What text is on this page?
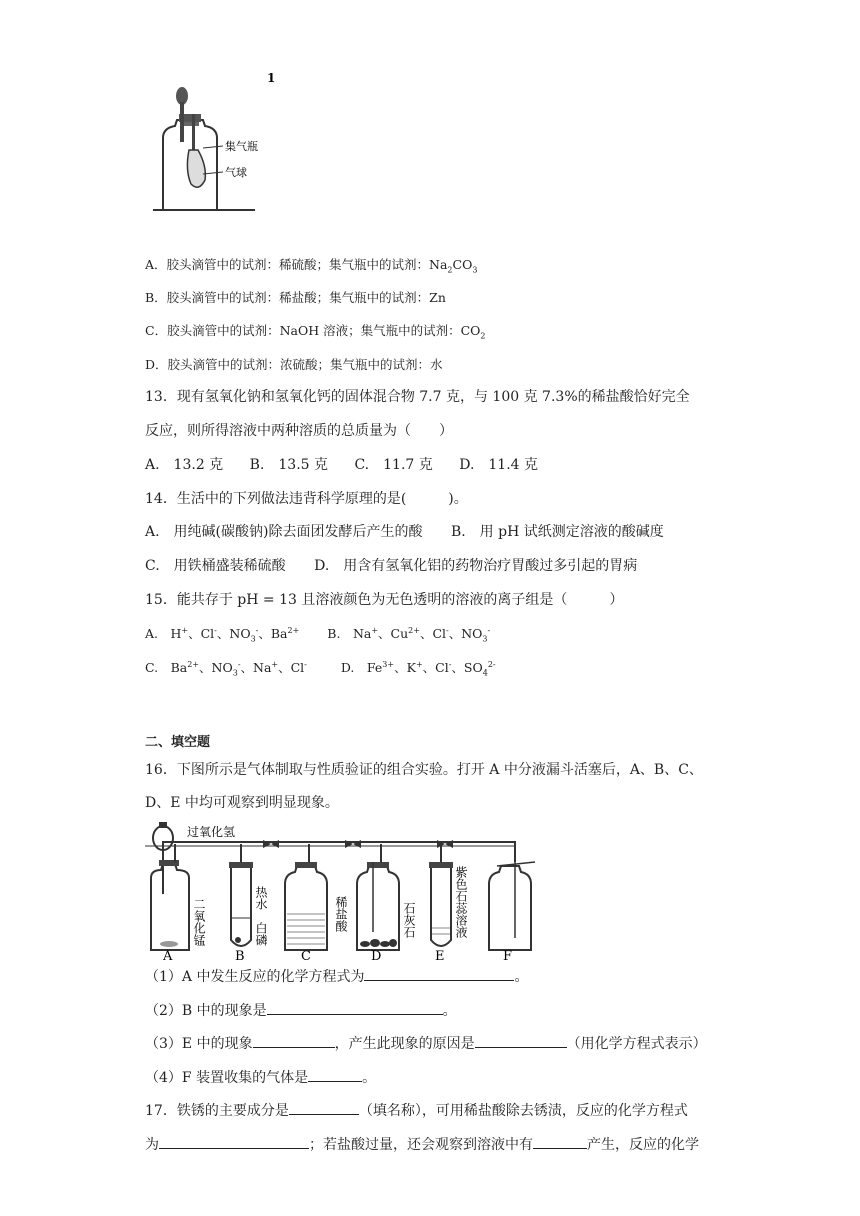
1
集气瓶
气球
A．胶头滴管中的试剂：稀硫酸；集气瓶中的试剂：$Na_2CO_3$
B．胶头滴管中的试剂：稀盐酸；集气瓶中的试剂：Zn
C．胶头滴管中的试剂：NaOH 溶液；集气瓶中的试剂：$CO_2$
D．胶头滴管中的试剂：浓硫酸；集气瓶中的试剂：水
13．现有氢氧化钠和氢氧化钙的固体混合物 7.7 克，与 100 克 7.3%的稀盐酸恰好完全
反应，则所得溶液中两种溶质的总质量为（　　）
A.　13.2 克 B.　13.5 克 C.　11.7 克 D.　11.4 克
14．生活中的下列做法违背科学原理的是(　　　)。
A.　用纯碱(碳酸钠)除去面团发酵后产生的酸 B.　用 pH 试纸测定溶液的酸碱度
C.　用铁桶盛装稀硫酸 D.　用含有氢氧化铝的药物治疗胃酸过多引起的胃病
15．能共存于 pH = 13 且溶液颜色为无色透明的溶液的离子组是（　　　）
A.　H+、Cl-、$NO_3^-$、$Ba^{2+}$ B.　Na+、$Cu^{2+}$、Cl-、$NO_3^-$
C.　$Ba^{2+}$、$NO_3^-$、Na+、Cl-	D.　$Fe^{3+}$、K+、Cl-、$SO_4^{2-}$
二、填空题
16．下图所示是气体制取与性质验证的组合实验。打开 A 中分液漏斗活塞后，A、B、C、
D、E 中均可观察到明显现象。
过氧化氢
二氧化锰	热水
白磷
稀盐酸	石灰石	紫色石蕊溶液
A	B	C	D	E	F
（1）A 中发生反应的化学方程式为	。
（2）B 中的现象是	。
（3）E 中的现象	，产生此现象的原因是	（用化学方程式表示）
（4）F 装置收集的气体是	。
17．铁锈的主要成分是	（填名称），可用稀盐酸除去锈渍，反应的化学方程式
为	；若盐酸过量，还会观察到溶液中有	产生，反应的化学
